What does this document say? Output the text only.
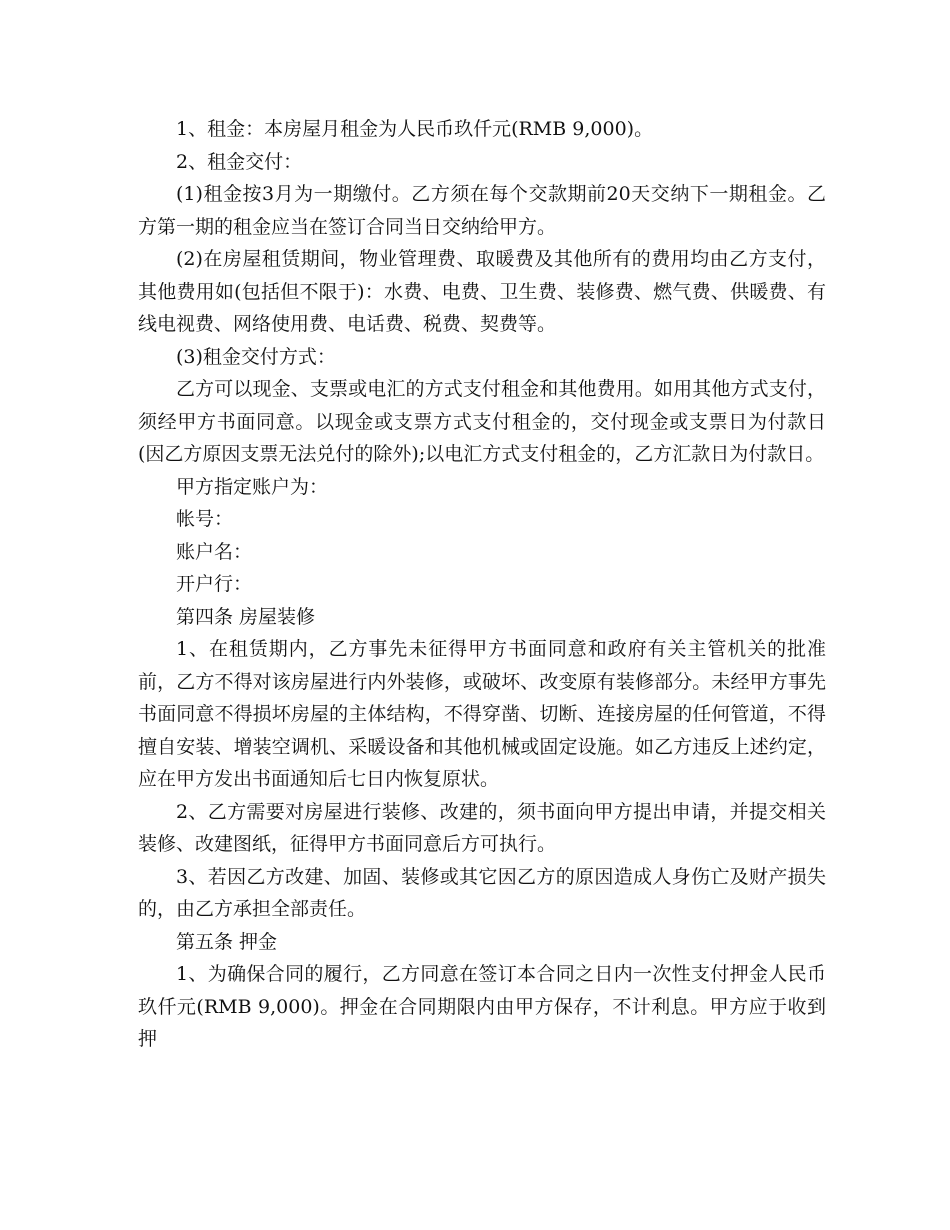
1、租金：本房屋月租金为人民币玖仟元(RMB 9,000)。

2、租金交付：

(1)租金按3月为一期缴付。乙方须在每个交款期前20天交纳下一期租金。乙方第一期的租金应当在签订合同当日交纳给甲方。

(2)在房屋租赁期间，物业管理费、取暖费及其他所有的费用均由乙方支付，其他费用如(包括但不限于)：水费、电费、卫生费、装修费、燃气费、供暖费、有线电视费、网络使用费、电话费、税费、契费等。

(3)租金交付方式：

乙方可以现金、支票或电汇的方式支付租金和其他费用。如用其他方式支付，须经甲方书面同意。以现金或支票方式支付租金的，交付现金或支票日为付款日(因乙方原因支票无法兑付的除外);以电汇方式支付租金的，乙方汇款日为付款日。

甲方指定账户为：

帐号：

账户名：

开户行：

第四条 房屋装修

1、在租赁期内，乙方事先未征得甲方书面同意和政府有关主管机关的批准前，乙方不得对该房屋进行内外装修，或破坏、改变原有装修部分。未经甲方事先书面同意不得损坏房屋的主体结构，不得穿凿、切断、连接房屋的任何管道，不得擅自安装、增装空调机、采暖设备和其他机械或固定设施。如乙方违反上述约定，应在甲方发出书面通知后七日内恢复原状。

2、乙方需要对房屋进行装修、改建的，须书面向甲方提出申请，并提交相关装修、改建图纸，征得甲方书面同意后方可执行。

3、若因乙方改建、加固、装修或其它因乙方的原因造成人身伤亡及财产损失的，由乙方承担全部责任。

第五条 押金

1、为确保合同的履行，乙方同意在签订本合同之日内一次性支付押金人民币玖仟元(RMB 9,000)。押金在合同期限内由甲方保存，不计利息。甲方应于收到押
